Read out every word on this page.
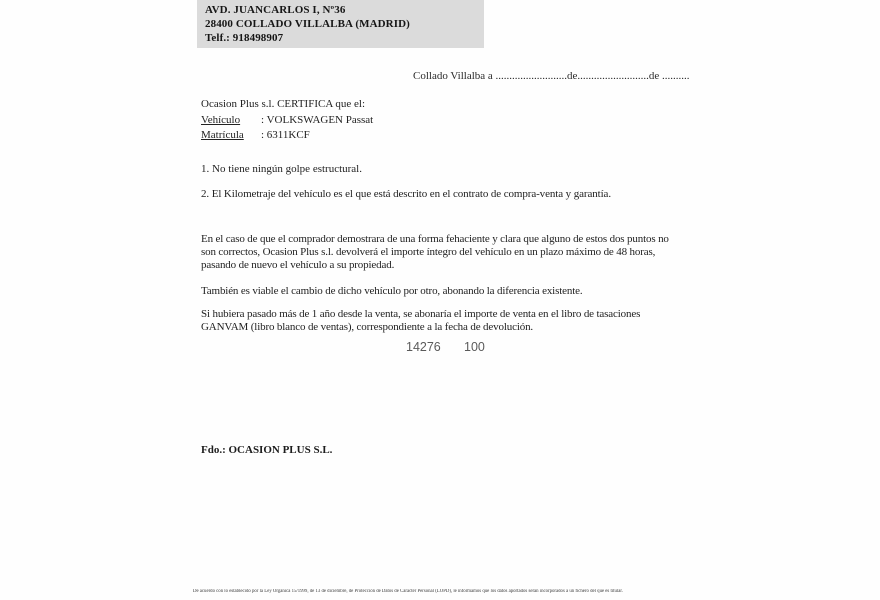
AVD. JUANCARLOS I, Nº36
28400 COLLADO VILLALBA (MADRID)
Telf.: 918498907
Collado Villalba a ..........................de..........................de ..........
Ocasion Plus s.l. CERTIFICA que el:
Vehículo : VOLKSWAGEN Passat
Matrícula : 6311KCF
1. No tiene ningún golpe estructural.
2. El Kilometraje del vehículo es el que está descrito en el contrato de compra-venta y garantía.
En el caso de que el comprador demostrara de una forma fehaciente y clara que alguno de estos dos puntos no
son correctos, Ocasion Plus s.l. devolverá el importe íntegro del vehículo en un plazo máximo de 48 horas,
pasando de nuevo el vehículo a su propiedad.
También es viable el cambio de dicho vehículo por otro, abonando la diferencia existente.
Si hubiera pasado más de 1 año desde la venta, se abonaría el importe de venta en el libro de tasaciones
GANVAM (libro blanco de ventas), correspondiente a la fecha de devolución.
Fdo.: OCASION PLUS S.L.
De acuerdo con lo establecido por la Ley Orgánica 15/1999, de 13 de diciembre, de Protección de Datos de Carácter Personal (LOPD), le informamos que los datos aportados serán incorporados a un fichero del que es titular.
14276 100
